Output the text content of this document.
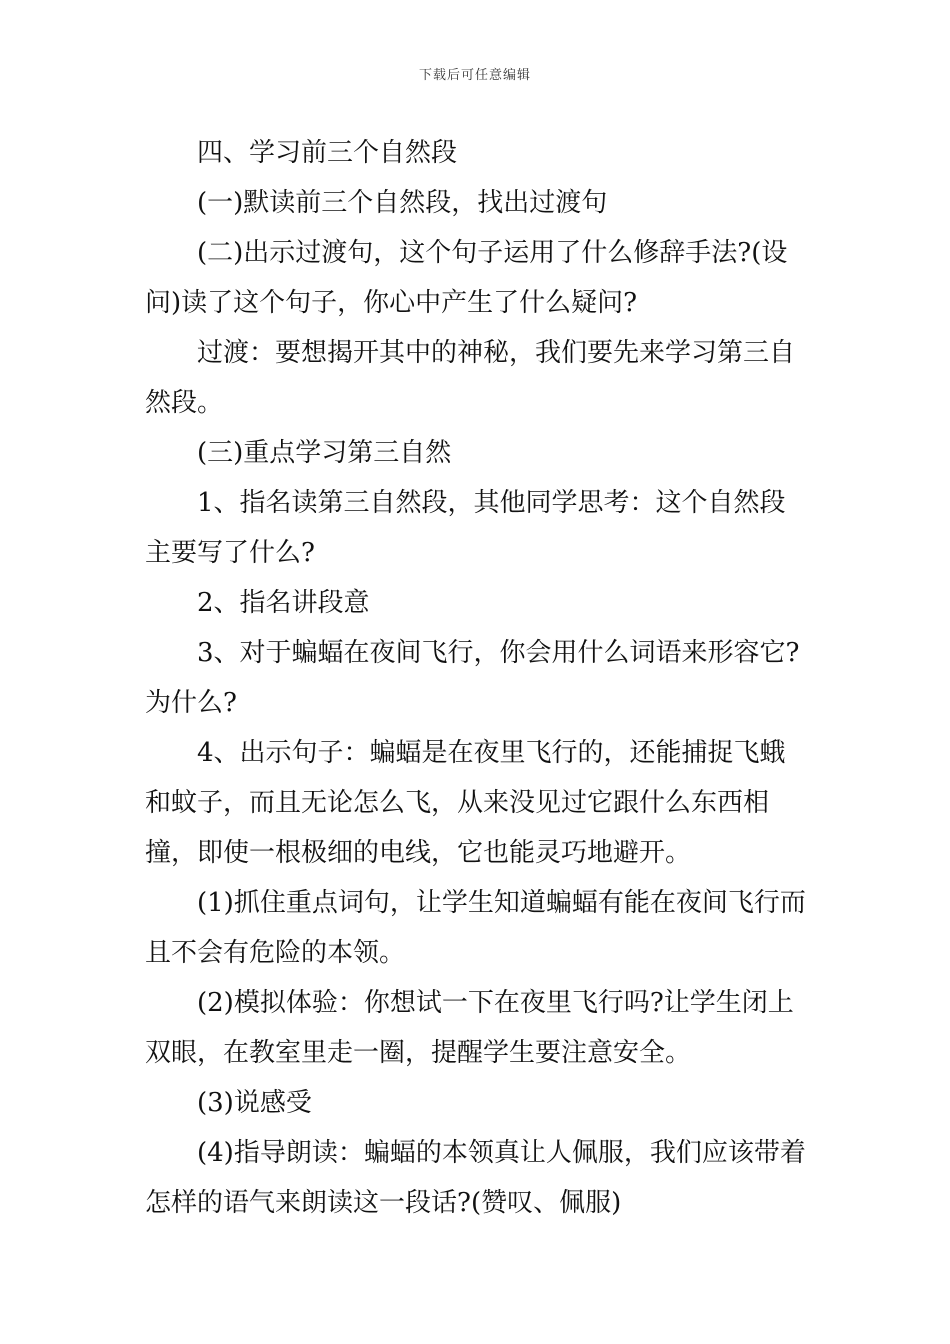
下载后可任意编辑

四、学习前三个自然段

(一)默读前三个自然段，找出过渡句

(二)出示过渡句，这个句子运用了什么修辞手法?(设问)读了这个句子，你心中产生了什么疑问?

过渡：要想揭开其中的神秘，我们要先来学习第三自然段。

(三)重点学习第三自然

1、指名读第三自然段，其他同学思考：这个自然段主要写了什么?

2、指名讲段意

3、对于蝙蝠在夜间飞行，你会用什么词语来形容它?为什么?

4、出示句子：蝙蝠是在夜里飞行的，还能捕捉飞蛾和蚊子，而且无论怎么飞，从来没见过它跟什么东西相撞，即使一根极细的电线，它也能灵巧地避开。

(1)抓住重点词句，让学生知道蝙蝠有能在夜间飞行而且不会有危险的本领。

(2)模拟体验：你想试一下在夜里飞行吗?让学生闭上双眼，在教室里走一圈，提醒学生要注意安全。

(3)说感受

(4)指导朗读：蝙蝠的本领真让人佩服，我们应该带着怎样的语气来朗读这一段话?(赞叹、佩服)
